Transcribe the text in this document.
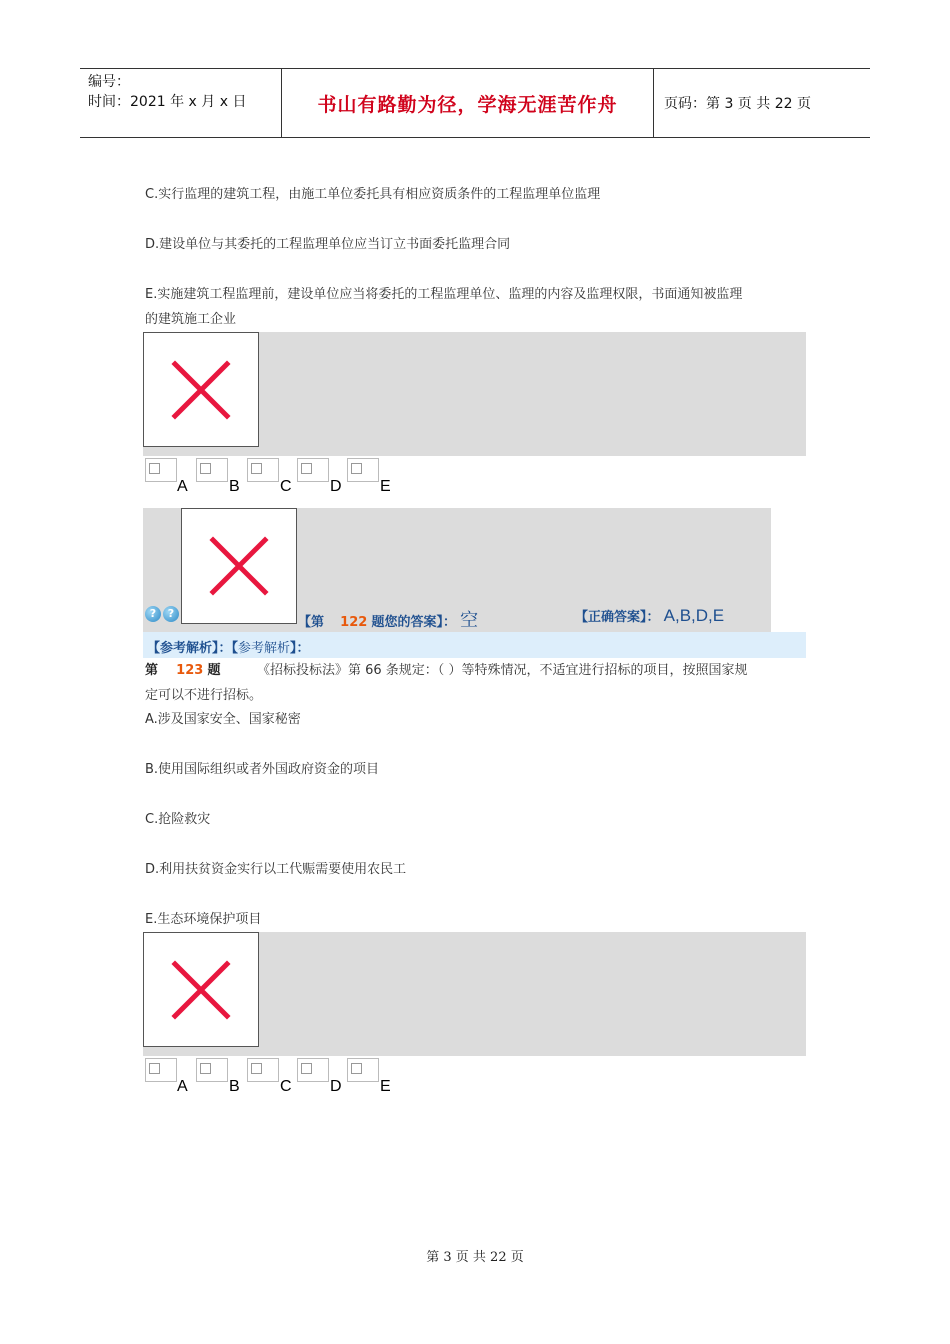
编号：
时间：2021 年 x 月 x 日	书山有路勤为径，学海无涯苦作舟	页码：第 3 页 共 22 页
C.实行监理的建筑工程，由施工单位委托具有相应资质条件的工程监理单位监理
D.建设单位与其委托的工程监理单位应当订立书面委托监理合同
E.实施建筑工程监理前，建设单位应当将委托的工程监理单位、监理的内容及监理权限，书面通知被监理
的建筑施工企业
A	B	C D E
?	?
【第 122 题您的答案】： 空	【正确答案】： A,B,D,E
【参考解析】：【参考解析】：
第 123 题	《招标投标法》第 66 条规定：（ ）等特殊情况，不适宜进行招标的项目，按照国家规
定可以不进行招标。
A.涉及国家安全、国家秘密
B.使用国际组织或者外国政府资金的项目
C.抢险救灾
D.利用扶贫资金实行以工代赈需要使用农民工
E.生态环境保护项目
A	B	C D E
第 3 页 共 22 页
